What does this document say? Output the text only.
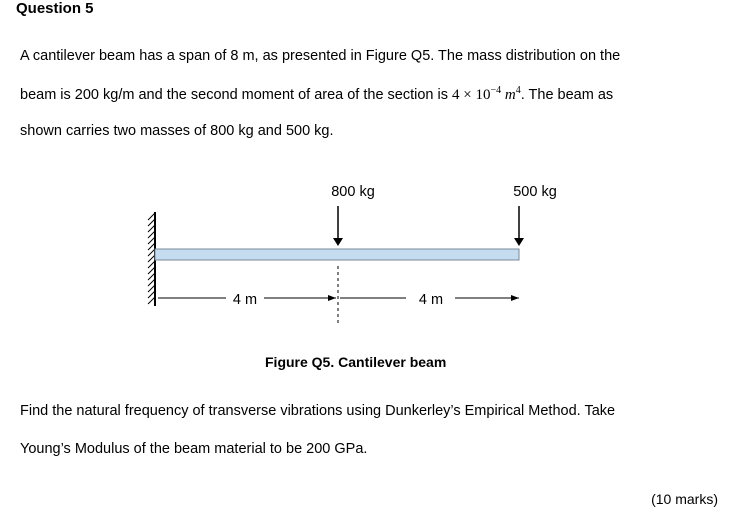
Question 5
A cantilever beam has a span of 8 m, as presented in Figure Q5. The mass distribution on the
beam is 200 kg/m and the second moment of area of the section is $4 \times 10^{-4}$ $m^4$. The beam as
shown carries two masses of 800 kg and 500 kg.
800 kg	500 kg
4 m	4 m
Figure Q5. Cantilever beam
Find the natural frequency of transverse vibrations using Dunkerley’s Empirical Method. Take
Young’s Modulus of the beam material to be 200 GPa.
(10 marks)
